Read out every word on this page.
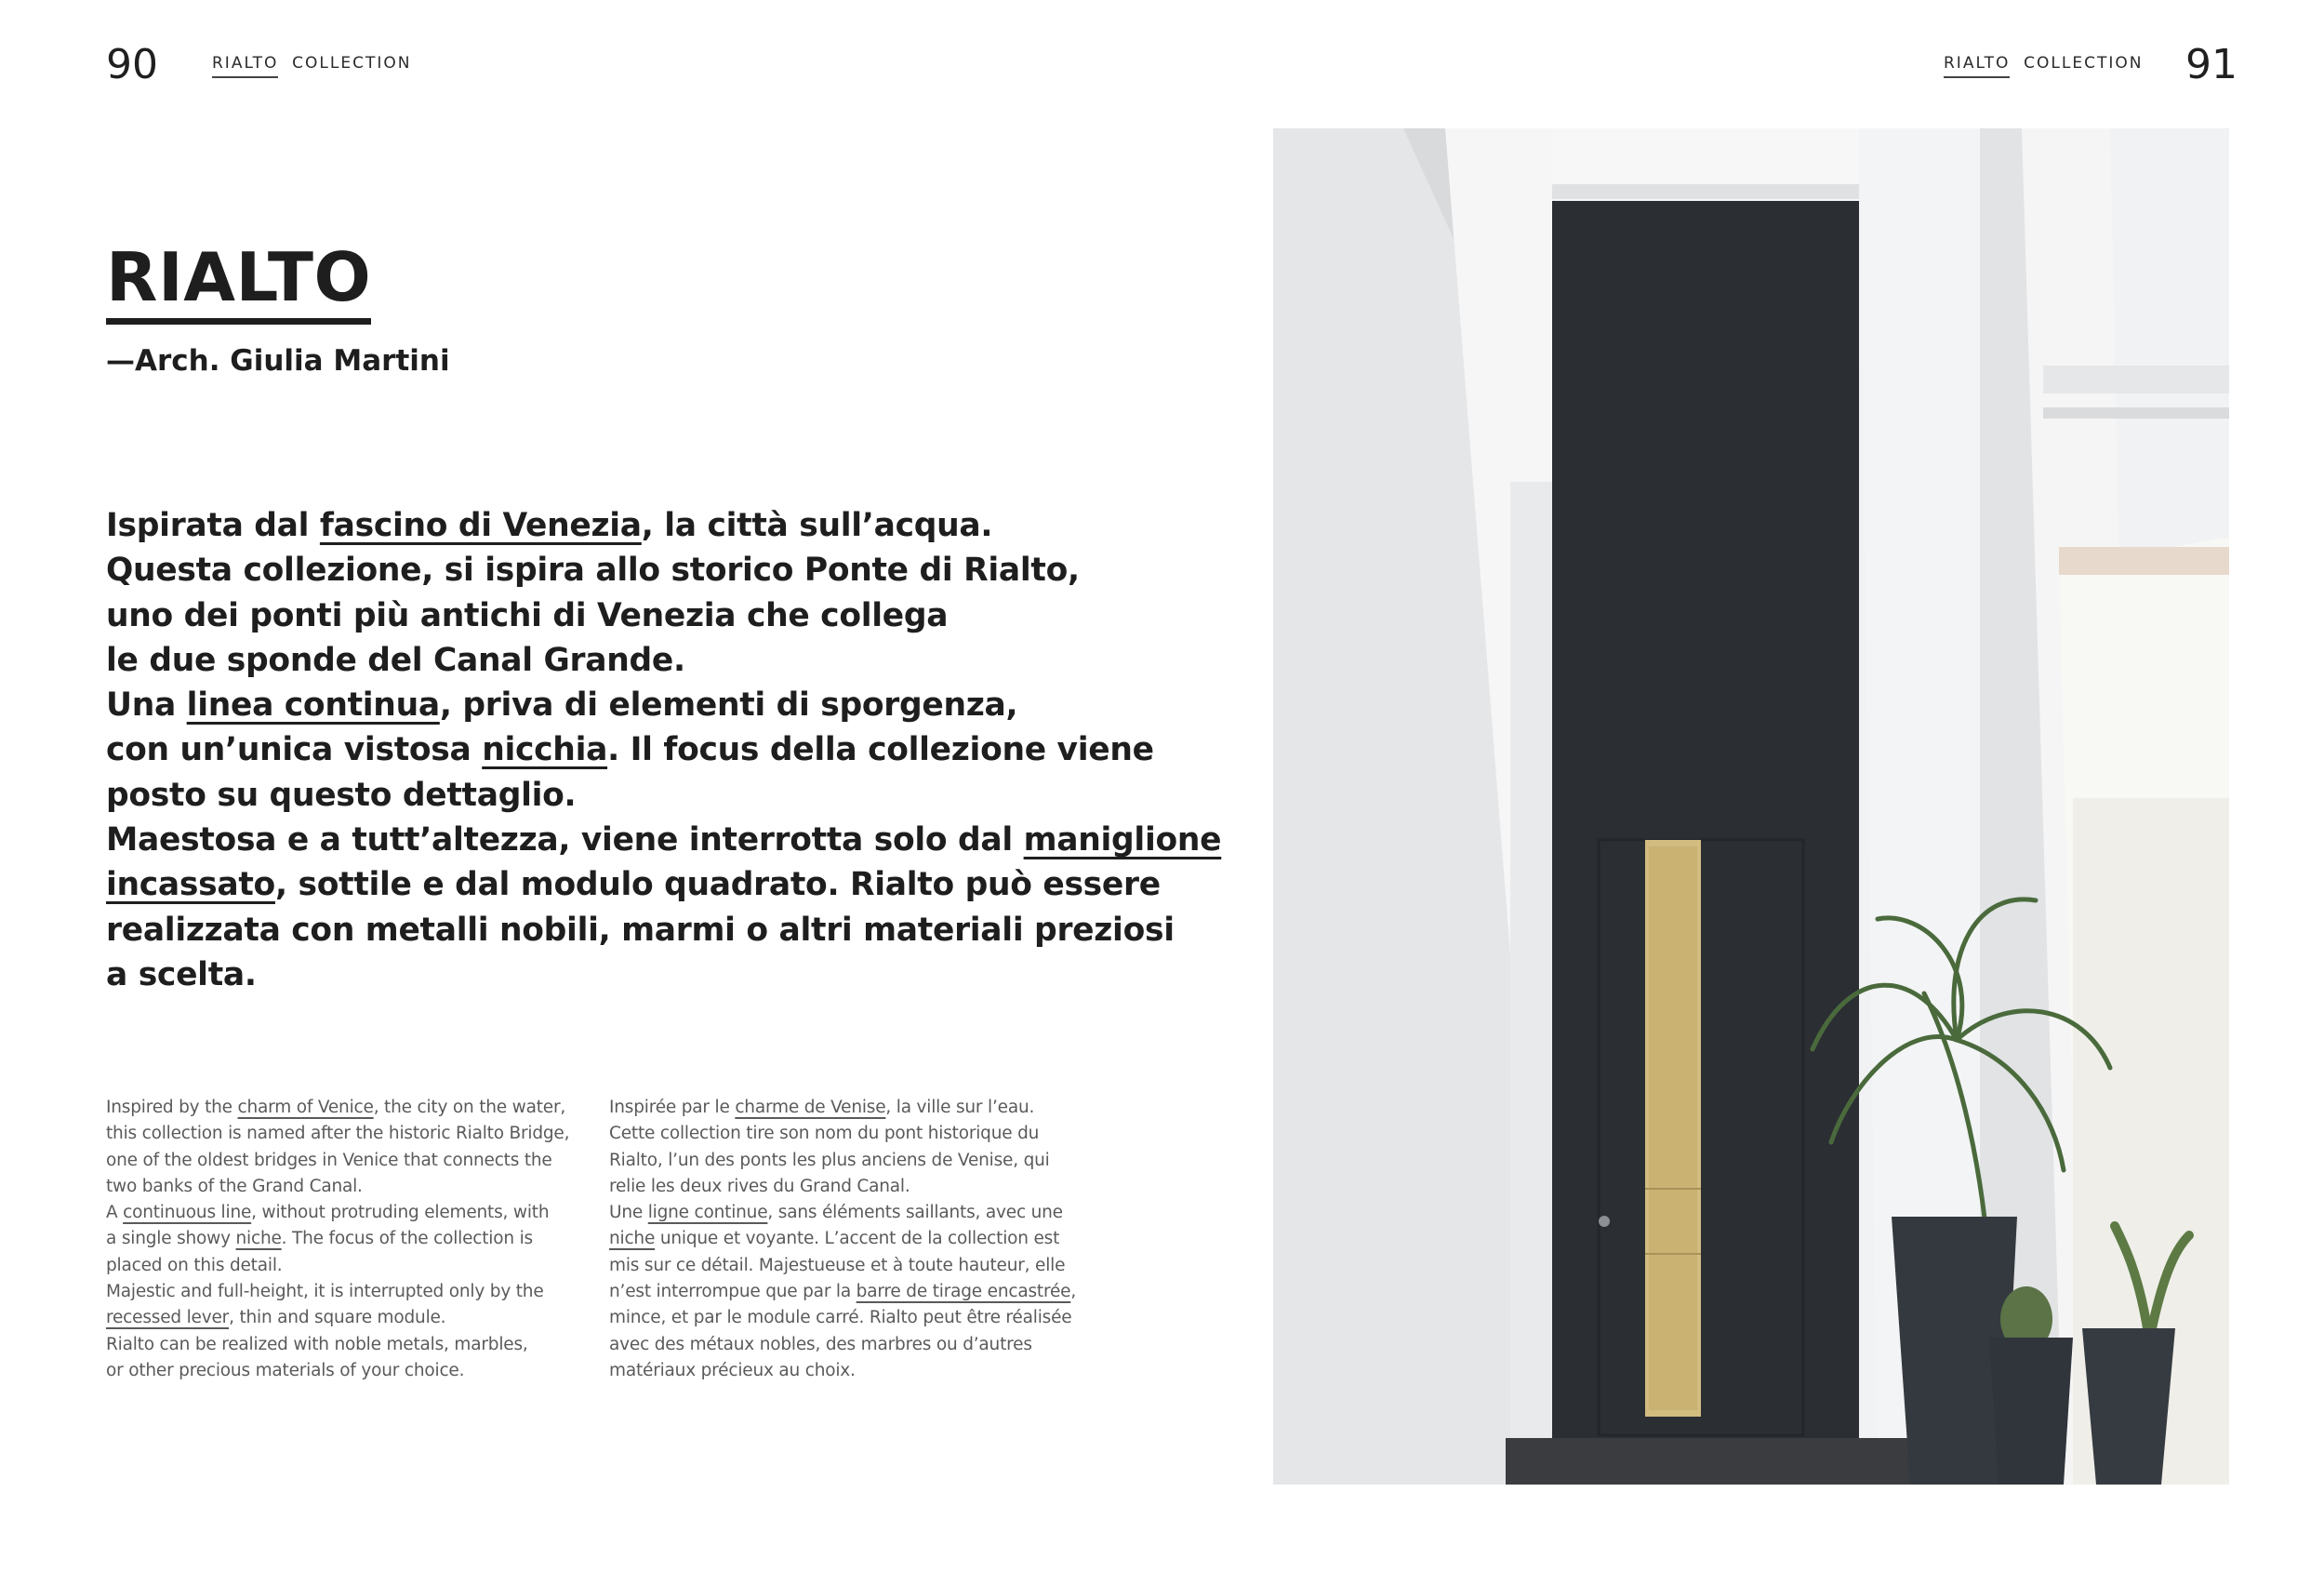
90	RIALTO  COLLECTION	RIALTO  COLLECTION 91
RIALTO
—Arch. Giulia Martini
Ispirata dal fascino di Venezia, la città sull’acqua.
Questa collezione, si ispira allo storico Ponte di Rialto,
uno dei ponti più antichi di Venezia che collega
le due sponde del Canal Grande.
Una linea continua, priva di elementi di sporgenza,
con un’unica vistosa nicchia. Il focus della collezione viene
posto su questo dettaglio.
Maestosa e a tutt’altezza, viene interrotta solo dal maniglione
incassato, sottile e dal modulo quadrato. Rialto può essere
realizzata con metalli nobili, marmi o altri materiali preziosi
a scelta.
Inspired by the charm of Venice, the city on the water,
this collection is named after the historic Rialto Bridge,
one of the oldest bridges in Venice that connects the
two banks of the Grand Canal.
A continuous line, without protruding elements, with
a single showy niche. The focus of the collection is
placed on this detail.
Majestic and full-height, it is interrupted only by the
recessed lever, thin and square module.
Rialto can be realized with noble metals, marbles,
or other precious materials of your choice.
Inspirée par le charme de Venise, la ville sur l’eau.
Cette collection tire son nom du pont historique du
Rialto, l’un des ponts les plus anciens de Venise, qui
relie les deux rives du Grand Canal.
Une ligne continue, sans éléments saillants, avec une
niche unique et voyante. L’accent de la collection est
mis sur ce détail. Majestueuse et à toute hauteur, elle
n’est interrompue que par la barre de tirage encastrée,
mince, et par le module carré. Rialto peut être réalisée
avec des métaux nobles, des marbres ou d’autres
matériaux précieux au choix.
